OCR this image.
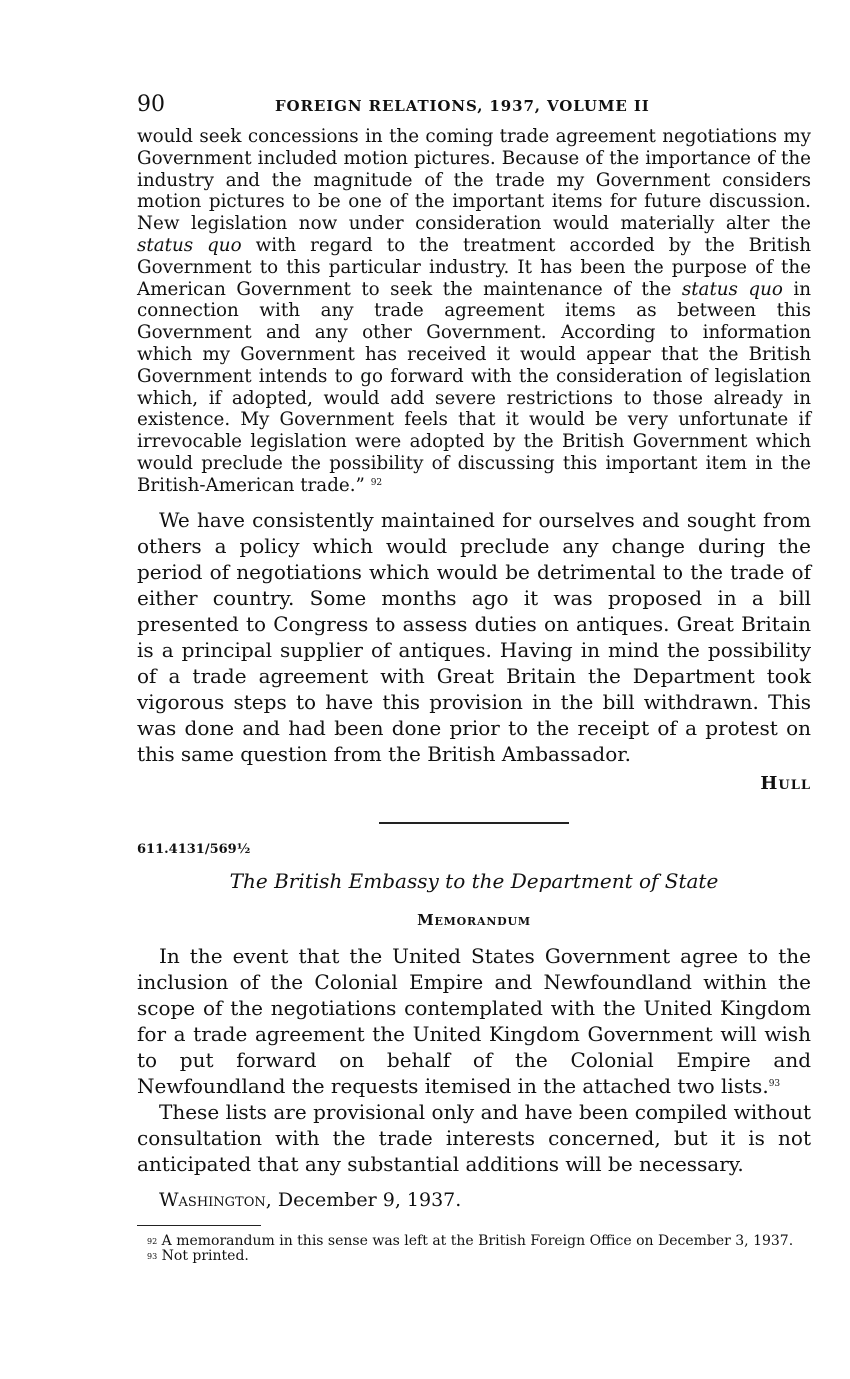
90	FOREIGN RELATIONS, 1937, VOLUME II

would seek concessions in the coming trade agreement negotiations my Government included motion pictures. Because of the importance of the industry and the magnitude of the trade my Government considers motion pictures to be one of the important items for future discussion. New legislation now under consideration would materially alter the status quo with regard to the treatment accorded by the British Government to this particular industry. It has been the purpose of the American Government to seek the maintenance of the status quo in connection with any trade agreement items as between this Government and any other Government. According to information which my Government has received it would appear that the British Government intends to go forward with the consideration of legislation which, if adopted, would add severe restrictions to those already in existence. My Government feels that it would be very unfortunate if irrevocable legislation were adopted by the British Government which would preclude the possibility of discussing this important item in the British-American trade.” $^{92}$

We have consistently maintained for ourselves and sought from others a policy which would preclude any change during the period of negotiations which would be detrimental to the trade of either country. Some months ago it was proposed in a bill presented to Congress to assess duties on antiques. Great Britain is a principal supplier of antiques. Having in mind the possibility of a trade agreement with Great Britain the Department took vigorous steps to have this provision in the bill withdrawn. This was done and had been done prior to the receipt of a protest on this same question from the British Ambassador.

Hull
611.4131/569½
The British Embassy to the Department of State
Memorandum

In the event that the United States Government agree to the inclusion of the Colonial Empire and Newfoundland within the scope of the negotiations contemplated with the United Kingdom for a trade agreement the United Kingdom Government will wish to put forward on behalf of the Colonial Empire and Newfoundland the requests itemised in the attached two lists.$^{93}$

These lists are provisional only and have been compiled without consultation with the trade interests concerned, but it is not anticipated that any substantial additions will be necessary.

Washington, December 9, 1937.

$^{92}$ A memorandum in this sense was left at the British Foreign Office on December 3, 1937.

$^{93}$ Not printed.
